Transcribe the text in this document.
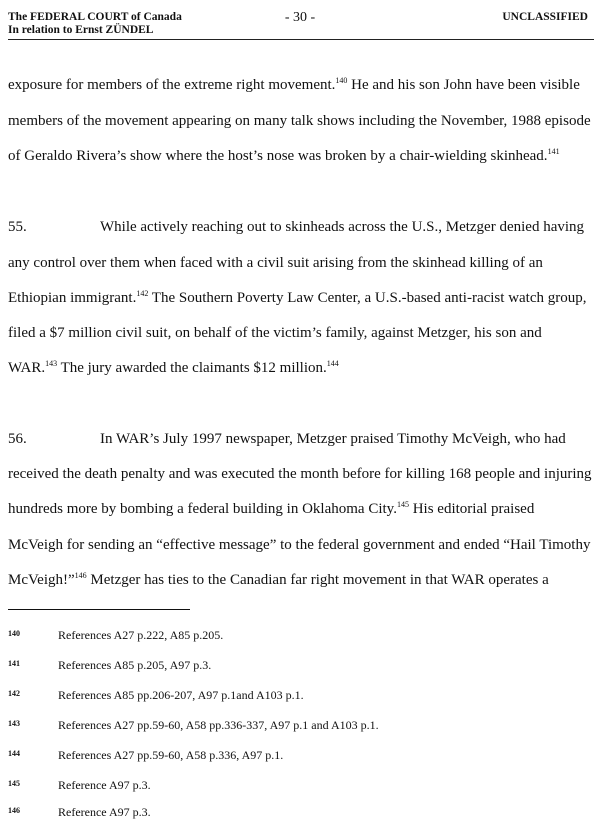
The FEDERAL COURT of Canada
In relation to Ernst ZÜNDEL
- 30 -	UNCLASSIFIED
exposure for members of the extreme right movement.$^{140}$ He and his son John have been visible
members of the movement appearing on many talk shows including the November, 1988 episode
of Geraldo Rivera’s show where the host’s nose was broken by a chair-wielding skinhead.$^{141}$
55.	While actively reaching out to skinheads across the U.S., Metzger denied having
any control over them when faced with a civil suit arising from the skinhead killing of an
Ethiopian immigrant.$^{142}$ The Southern Poverty Law Center, a U.S.-based anti-racist watch group,
filed a $7 million civil suit, on behalf of the victim’s family, against Metzger, his son and
WAR.$^{143}$ The jury awarded the claimants $12 million.$^{144}$
56.	In WAR’s July 1997 newspaper, Metzger praised Timothy McVeigh, who had
received the death penalty and was executed the month before for killing 168 people and injuring
hundreds more by bombing a federal building in Oklahoma City.$^{145}$ His editorial praised
McVeigh for sending an “effective message” to the federal government and ended “Hail Timothy
McVeigh!”$^{146}$ Metzger has ties to the Canadian far right movement in that WAR operates a
140	References A27 p.222, A85 p.205.
141	References A85 p.205, A97 p.3.
142	References A85 pp.206-207, A97 p.1and A103 p.1.
143	References A27 pp.59-60, A58 pp.336-337, A97 p.1 and A103 p.1.
144	References A27 pp.59-60, A58 p.336, A97 p.1.
145	Reference A97 p.3.
146	Reference A97 p.3.
